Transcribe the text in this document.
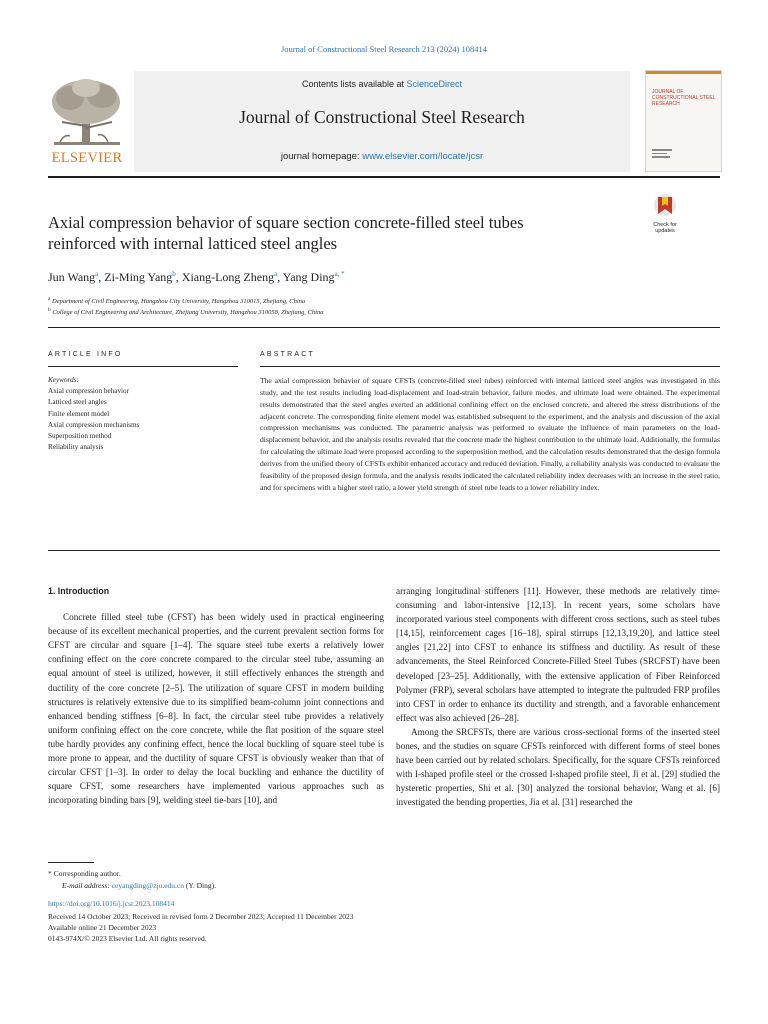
Journal of Constructional Steel Research 213 (2024) 108414
ELSEVIER
Contents lists available at ScienceDirect
Journal of Constructional Steel Research
journal homepage: www.elsevier.com/locate/jcsr
JOURNAL OF CONSTRUCTIONAL STEEL RESEARCH
Axial compression behavior of square section concrete-filled steel tubes
reinforced with internal latticed steel angles
Check for
updates
Jun Wang$^a$, Zi-Ming Yang$^b$, Xiang-Long Zheng$^a$, Yang Ding$^{a, *}$
$^a$ Department of Civil Engineering, Hangzhou City University, Hangzhou 310015, Zhejiang, China
$^b$ College of Civil Engineering and Architecture, Zhejiang University, Hangzhou 310058, Zhejiang, China
ARTICLE INFO	ABSTRACT
Keywords:
Axial compression behavior
Latticed steel angles
Finite element model
Axial compression mechanisms
Superposition method
Reliability analysis
The axial compression behavior of square CFSTs (concrete-filled steel tubes) reinforced with internal latticed steel angles was investigated in this study, and the test results including load-displacement and load-strain behavior, failure modes, and ultimate load were obtained. The experimental results demonstrated that the steel angles exerted an additional confining effect on the enclosed concrete, and altered the stress distributions of the adjacent concrete. The corresponding finite element model was established subsequent to the experiment, and the analysis and discussion of the axial compression mechanisms was conducted. The parametric analysis was performed to evaluate the influence of main parameters on the load-displacement behavior, and the analysis results revealed that the concrete made the highest contribution to the ultimate load. Additionally, the formulas for calculating the ultimate load were proposed according to the superposition method, and the calculation results demonstrated that the design formula derives from the unified theory of CFSTs exhibit enhanced accuracy and reduced deviation. Finally, a reliability analysis was conducted to evaluate the feasibility of the proposed design formula, and the analysis results indicated the calculated reliability index decreases with an increase in the steel ratio, and for specimens with a higher steel ratio, a lower yield strength of steel tube leads to a lower reliability index.
1. Introduction
Concrete filled steel tube (CFST) has been widely used in practical engineering because of its excellent mechanical properties, and the current prevalent section forms for CFST are circular and square [1–4]. The square steel tube exerts a relatively lower confining effect on the core concrete compared to the circular steel tube, assuming an equal amount of steel is utilized, however, it still effectively enhances the strength and ductility of the core concrete [2–5]. The utilization of square CFST in modern building structures is relatively extensive due to its simplified beam-column joint connections and enhanced bending stiffness [6–8]. In fact, the circular steel tube provides a relatively uniform confining effect on the core concrete, while the flat position of the square steel tube hardly provides any confining effect, hence the local buckling of square steel tube is more prone to appear, and the ductility of square CFST is obviously weaker than that of circular CFST [1–3]. In order to delay the local buckling and enhance the ductility of square CFST, some researchers have implemented various approaches such as incorporating binding bars [9], welding steel tie-bars [10], and
arranging longitudinal stiffeners [11]. However, these methods are relatively time-consuming and labor-intensive [12,13]. In recent years, some scholars have incorporated various steel components with different cross sections, such as steel tubes [14,15], reinforcement cages [16–18], spiral stirrups [12,13,19,20], and lattice steel angles [21,22] into CFST to enhance its stiffness and ductility. As result of these advancements, the Steel Reinforced Concrete-Filled Steel Tubes (SRCFST) have been developed [23–25]. Additionally, with the extensive application of Fiber Reinforced Polymer (FRP), several scholars have attempted to integrate the pultruded FRP profiles into CFST in order to enhance its ductility and strength, and a favorable enhancement effect was also achieved [26–28].
Among the SRCFSTs, there are various cross-sectional forms of the inserted steel bones, and the studies on square CFSTs reinforced with different forms of steel bones have been carried out by related scholars. Specifically, for the square CFSTs reinforced with I-shaped profile steel or the crossed I-shaped profile steel, Ji et al. [29] studied the hysteretic properties, Shi et al. [30] analyzed the torsional behavior, Wang et al. [6] investigated the bending properties, Jia et al. [31] researched the
* Corresponding author.
E-mail address: ceyangding@zju.edu.cn (Y. Ding).
https://doi.org/10.1016/j.jcsr.2023.108414
Received 14 October 2023; Received in revised form 2 December 2023; Accepted 11 December 2023
Available online 21 December 2023
0143-974X/© 2023 Elsevier Ltd. All rights reserved.
